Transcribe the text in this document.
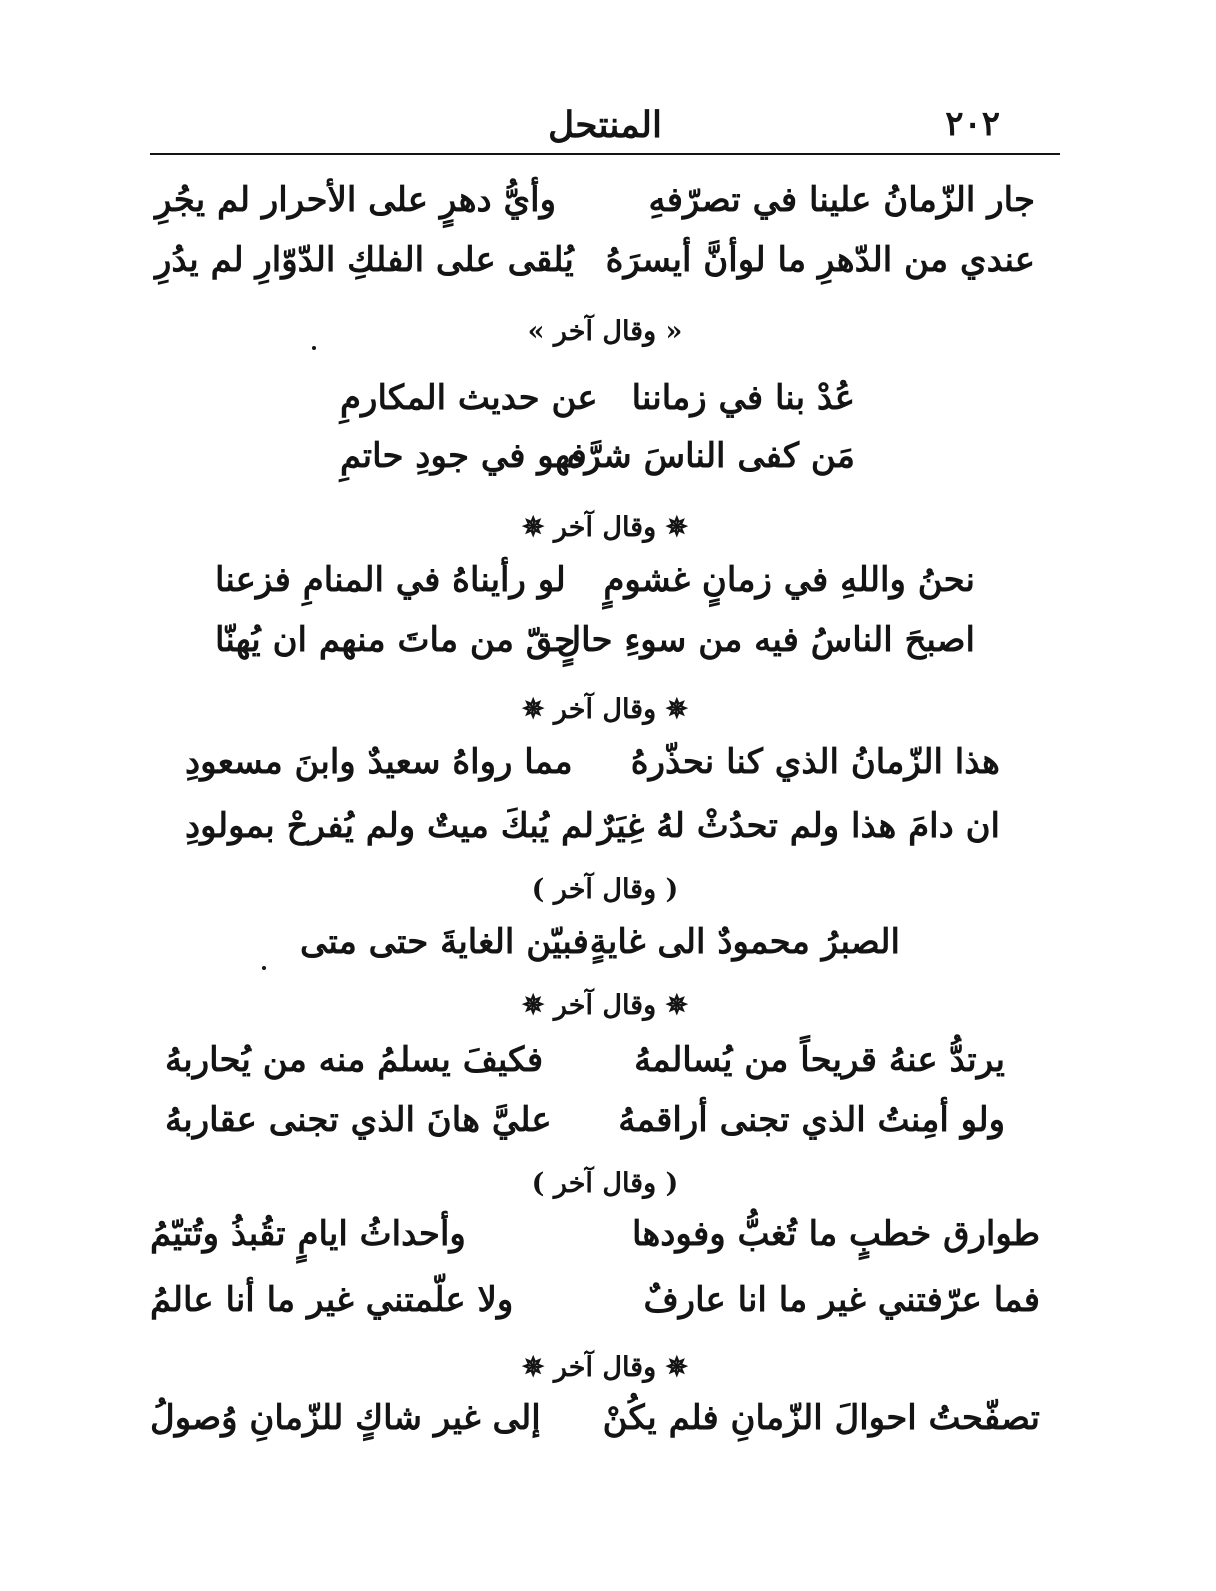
٢٠٢
المنتحل
جار الزّمانُ علينا في تصرّفهِ
وأيُّ دهرٍ على الأحرار لم يجُرِ
عندي من الدّهرِ ما لوأنَّ أيسرَهُ
يُلقى على الفلكِ الدّوّارِ لم يدُرِ
« وقال آخر »
عُدْ بنا في زماننا
عن حديث المكارمِ
مَن كفى الناسَ شرَّه
فهو في جودِ حاتمِ
✵ وقال آخر ✵
نحنُ واللهِ في زمانٍ غشومٍ
لو رأيناهُ في المنامِ فزعنا
اصبحَ الناسُ فيه من سوءِ حالٍ
حقّ من ماتَ منهم ان يُهنّا
✵ وقال آخر ✵
هذا الزّمانُ الذي كنا نحذّرهُ
مما رواهُ سعيدٌ وابنَ مسعودِ
ان دامَ هذا ولم تحدُثْ لهُ غِيَرٌ
لم يُبكَ ميتٌ ولم يُفرحْ بمولودِ
( وقال آخر )
الصبرُ محمودٌ الى غايةٍ
فبيّن الغايةَ حتى متى
✵ وقال آخر ✵
يرتدُّ عنهُ قريحاً من يُسالمهُ
فكيفَ يسلمُ منه من يُحاربهُ
ولو أمِنتُ الذي تجنى أراقمهُ
عليَّ هانَ الذي تجنى عقاربهُ
( وقال آخر )
طوارق خطبٍ ما تُغبُّ وفودها
وأحداثُ ايامٍ تقُبذُ وتُتيّمُ
فما عرّفتني غير ما انا عارفٌ
ولا علّمتني غير ما أنا عالمُ
✵ وقال آخر ✵
تصفّحتُ احوالَ الزّمانِ فلم يكُنْ
إلى غير شاكٍ للزّمانِ وُصولُ
